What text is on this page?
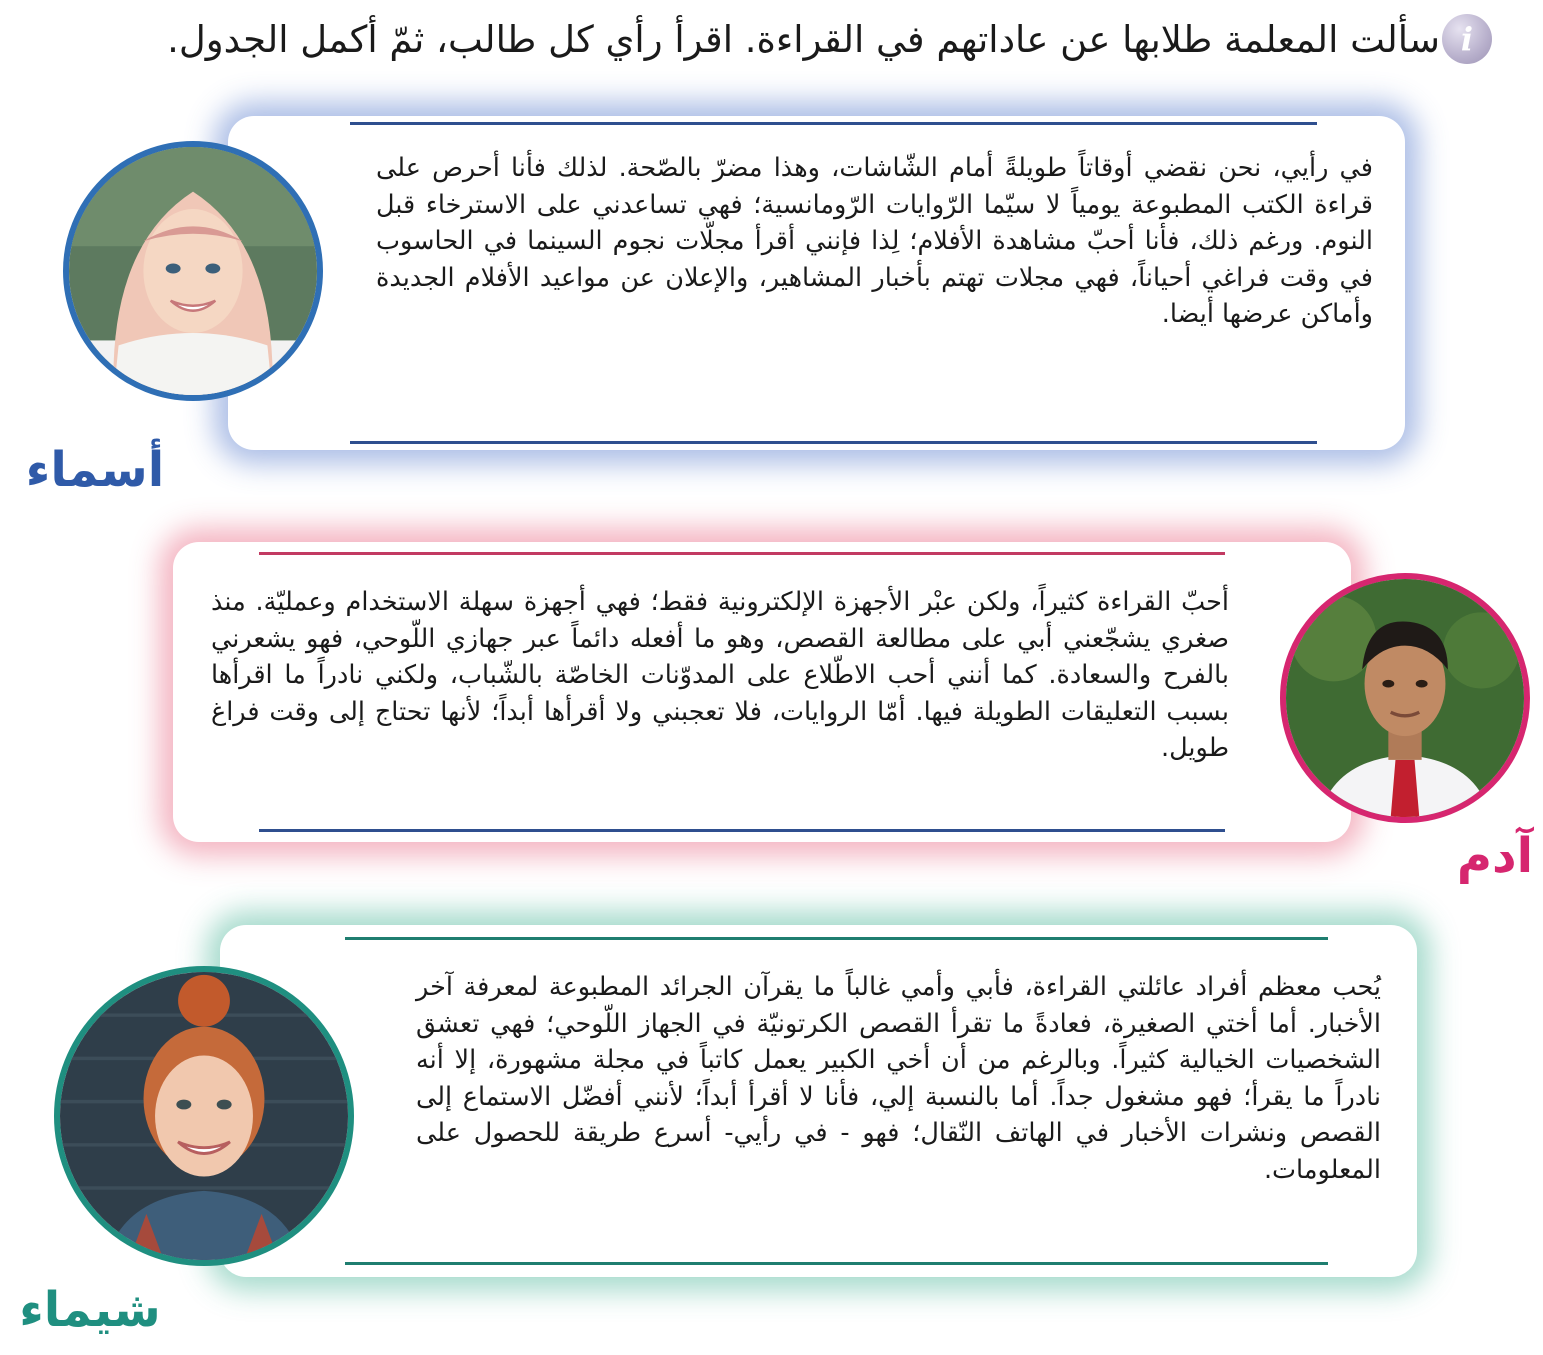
i
سألت المعلمة طلابها عن عاداتهم في القراءة. اقرأ رأي كل طالب، ثمّ أكمل الجدول.

في رأيي، نحن نقضي أوقاتاً طويلةً أمام الشّاشات، وهذا مضرّ بالصّحة. لذلك فأنا أحرص على قراءة الكتب المطبوعة يومياً لا سيّما الرّوايات الرّومانسية؛ فهي تساعدني على الاسترخاء قبل النوم. ورغم ذلك، فأنا أحبّ مشاهدة الأفلام؛ لِذا فإنني أقرأ مجلّات نجوم السينما في الحاسوب في وقت فراغي أحياناً، فهي مجلات تهتم بأخبار المشاهير، والإعلان عن مواعيد الأفلام الجديدة وأماكن عرضها أيضا.

أسماء

أحبّ القراءة كثيراً، ولكن عبْر الأجهزة الإلكترونية فقط؛ فهي أجهزة سهلة الاستخدام وعمليّة. منذ صغري يشجّعني أبي على مطالعة القصص، وهو ما أفعله دائماً عبر جهازي اللّوحي، فهو يشعرني بالفرح والسعادة. كما أنني أحب الاطّلاع على المدوّنات الخاصّة بالشّباب، ولكني نادراً ما اقرأها بسبب التعليقات الطويلة فيها. أمّا الروايات، فلا تعجبني ولا أقرأها أبداً؛ لأنها تحتاج إلى وقت فراغ طويل.

آدم

يُحب معظم أفراد عائلتي القراءة، فأبي وأمي غالباً ما يقرآن الجرائد المطبوعة لمعرفة آخر الأخبار. أما أختي الصغيرة، فعادةً ما تقرأ القصص الكرتونيّة في الجهاز اللّوحي؛ فهي تعشق الشخصيات الخيالية كثيراً. وبالرغم من أن أخي الكبير يعمل كاتباً في مجلة مشهورة، إلا أنه نادراً ما يقرأ؛ فهو مشغول جداً. أما بالنسبة إلي، فأنا لا أقرأ أبداً؛ لأنني أفضّل الاستماع إلى القصص ونشرات الأخبار في الهاتف النّقال؛ فهو - في رأيي- أسرع طريقة للحصول على المعلومات.

شيماء
